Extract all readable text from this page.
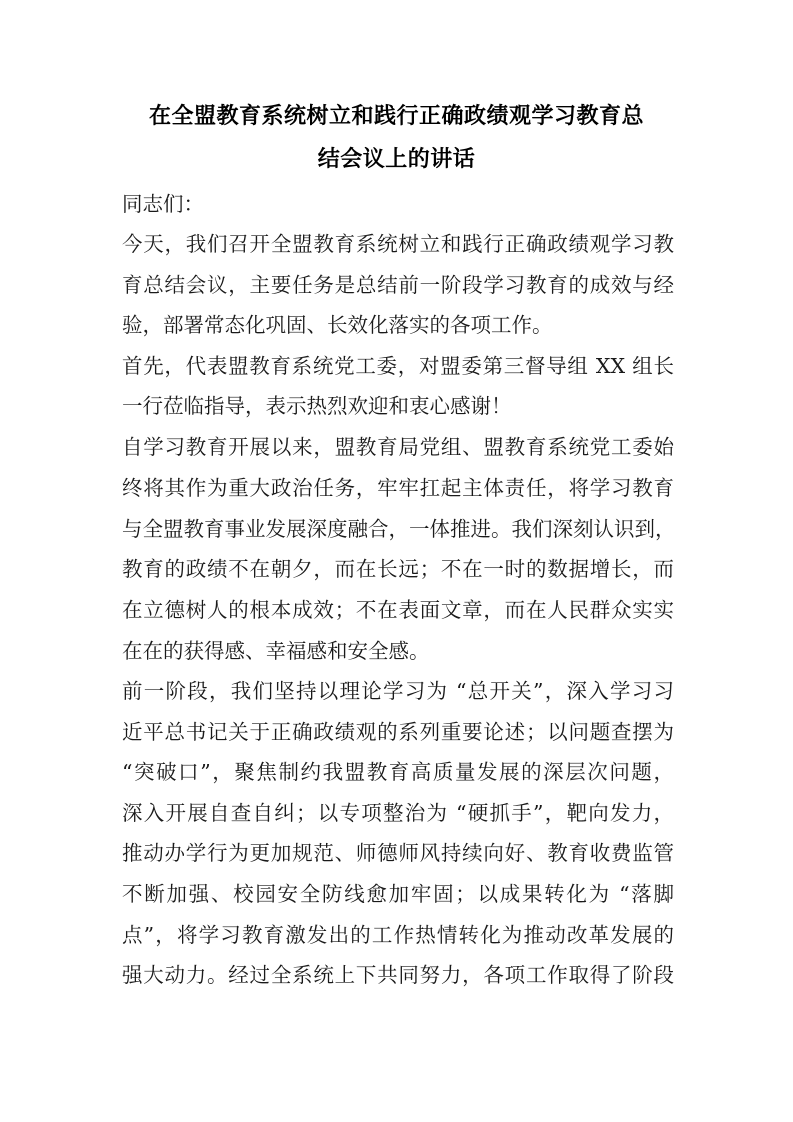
在全盟教育系统树立和践行正确政绩观学习教育总
结会议上的讲话
同志们：
今天，我们召开全盟教育系统树立和践行正确政绩观学习教
育总结会议，主要任务是总结前一阶段学习教育的成效与经
验，部署常态化巩固、长效化落实的各项工作。
首先，代表盟教育系统党工委，对盟委第三督导组 XX 组长
一行莅临指导，表示热烈欢迎和衷心感谢！
自学习教育开展以来，盟教育局党组、盟教育系统党工委始
终将其作为重大政治任务，牢牢扛起主体责任，将学习教育
与全盟教育事业发展深度融合，一体推进。我们深刻认识到，
教育的政绩不在朝夕，而在长远；不在一时的数据增长，而
在立德树人的根本成效；不在表面文章，而在人民群众实实
在在的获得感、幸福感和安全感。
前一阶段，我们坚持以理论学习为 “总开关”，深入学习习
近平总书记关于正确政绩观的系列重要论述；以问题查摆为
“突破口”，聚焦制约我盟教育高质量发展的深层次问题，
深入开展自查自纠；以专项整治为 “硬抓手”，靶向发力，
推动办学行为更加规范、师德师风持续向好、教育收费监管
不断加强、校园安全防线愈加牢固；以成果转化为 “落脚
点”，将学习教育激发出的工作热情转化为推动改革发展的
强大动力。经过全系统上下共同努力，各项工作取得了阶段
